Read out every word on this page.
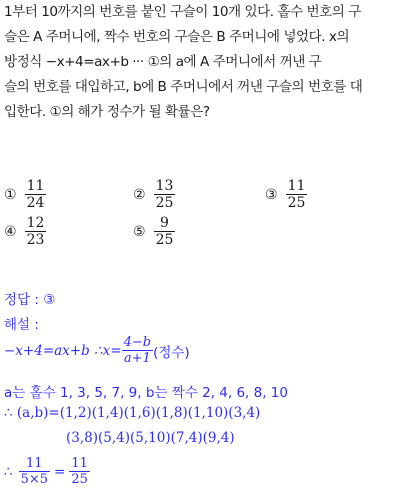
1부터 10까지의 번호를 붙인 구슬이 10개 있다. 홀수 번호의 구

슬은 A 주머니에, 짝수 번호의 구슬은 B 주머니에 넣었다. x의

방정식 −x+4=ax+b ··· ①의 a에 A 주머니에서 꺼낸 구

슬의 번호를 대입하고, b에 B 주머니에서 꺼낸 구슬의 번호를 대

입한다. ①의 해가 정수가 될 확률은?

① $\frac{11}{24}$	② $\frac{13}{25}$	③ $\frac{11}{25}$
④ $\frac{12}{23}$	⑤ $\frac{9}{25}$
정답 : ③
해설 :
−x+4=ax+b ∴x= $\frac{4-b}{a+1}$ (정수)
a는 홀수 1, 3, 5, 7, 9, b는 짝수 2, 4, 6, 8, 10
∴ (a,b)=(1,2)(1,4)(1,6)(1,8)(1,10)(3,4)
(3,8)(5,4)(5,10)(7,4)(9,4)
∴ $\frac{11}{5\times 5} = \frac{11}{25}$
